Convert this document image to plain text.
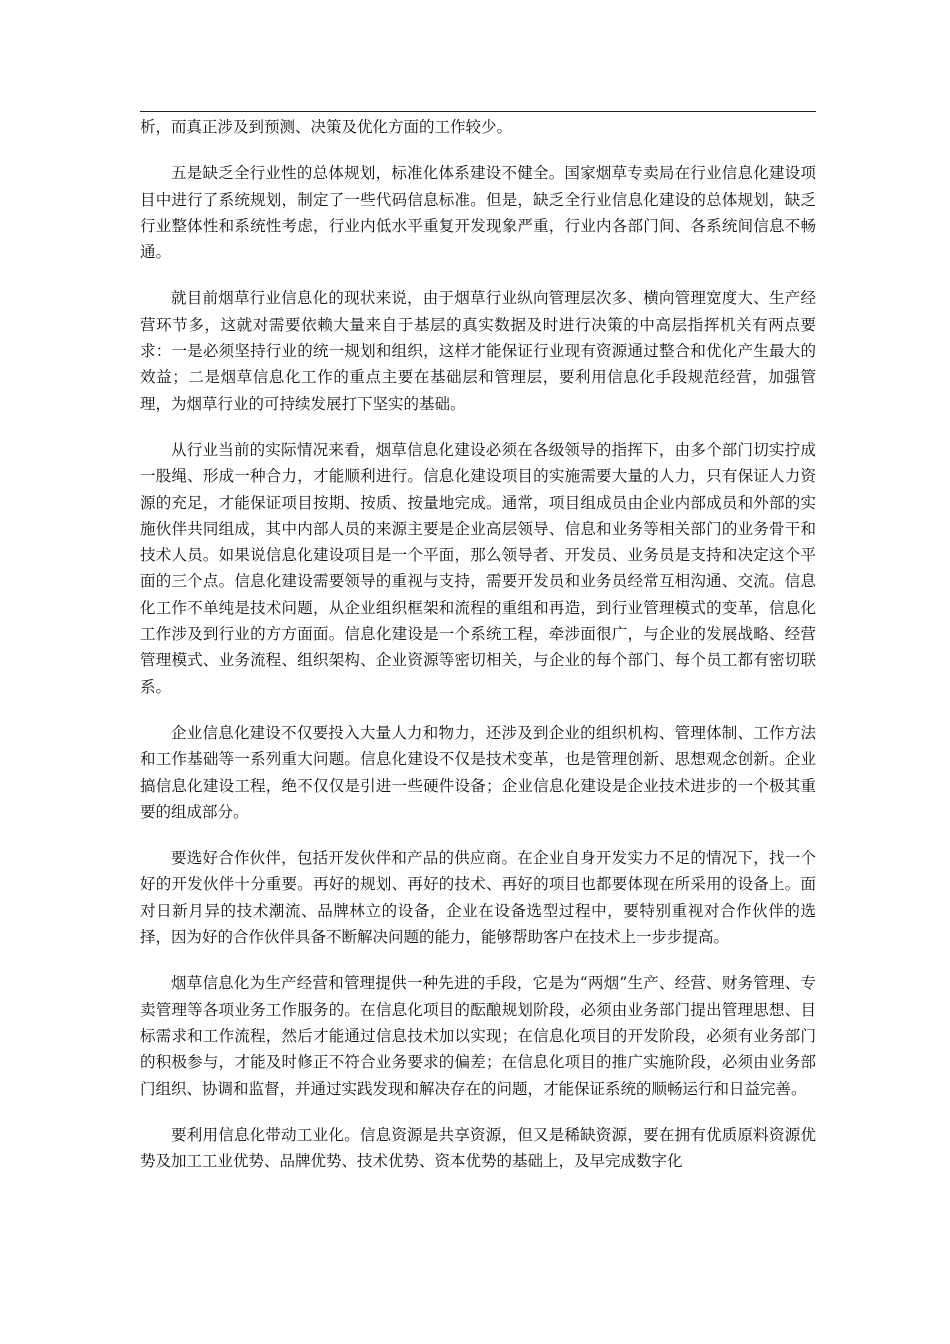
析，而真正涉及到预测、决策及优化方面的工作较少。

五是缺乏全行业性的总体规划，标准化体系建设不健全。国家烟草专卖局在行业信息化建设项目中进行了系统规划，制定了一些代码信息标准。但是，缺乏全行业信息化建设的总体规划，缺乏行业整体性和系统性考虑，行业内低水平重复开发现象严重，行业内各部门间、各系统间信息不畅通。

就目前烟草行业信息化的现状来说，由于烟草行业纵向管理层次多、横向管理宽度大、生产经营环节多，这就对需要依赖大量来自于基层的真实数据及时进行决策的中高层指挥机关有两点要求：一是必须坚持行业的统一规划和组织，这样才能保证行业现有资源通过整合和优化产生最大的效益；二是烟草信息化工作的重点主要在基础层和管理层，要利用信息化手段规范经营，加强管理，为烟草行业的可持续发展打下坚实的基础。

从行业当前的实际情况来看，烟草信息化建设必须在各级领导的指挥下，由多个部门切实拧成一股绳、形成一种合力，才能顺利进行。信息化建设项目的实施需要大量的人力，只有保证人力资源的充足，才能保证项目按期、按质、按量地完成。通常，项目组成员由企业内部成员和外部的实施伙伴共同组成，其中内部人员的来源主要是企业高层领导、信息和业务等相关部门的业务骨干和技术人员。如果说信息化建设项目是一个平面，那么领导者、开发员、业务员是支持和决定这个平面的三个点。信息化建设需要领导的重视与支持，需要开发员和业务员经常互相沟通、交流。信息化工作不单纯是技术问题，从企业组织框架和流程的重组和再造，到行业管理模式的变革，信息化工作涉及到行业的方方面面。信息化建设是一个系统工程，牵涉面很广，与企业的发展战略、经营管理模式、业务流程、组织架构、企业资源等密切相关，与企业的每个部门、每个员工都有密切联系。

企业信息化建设不仅要投入大量人力和物力，还涉及到企业的组织机构、管理体制、工作方法和工作基础等一系列重大问题。信息化建设不仅是技术变革，也是管理创新、思想观念创新。企业搞信息化建设工程，绝不仅仅是引进一些硬件设备；企业信息化建设是企业技术进步的一个极其重要的组成部分。

要选好合作伙伴，包括开发伙伴和产品的供应商。在企业自身开发实力不足的情况下，找一个好的开发伙伴十分重要。再好的规划、再好的技术、再好的项目也都要体现在所采用的设备上。面对日新月异的技术潮流、品牌林立的设备，企业在设备选型过程中，要特别重视对合作伙伴的选择，因为好的合作伙伴具备不断解决问题的能力，能够帮助客户在技术上一步步提高。

烟草信息化为生产经营和管理提供一种先进的手段，它是为“两烟”生产、经营、财务管理、专卖管理等各项业务工作服务的。在信息化项目的酝酿规划阶段，必须由业务部门提出管理思想、目标需求和工作流程，然后才能通过信息技术加以实现；在信息化项目的开发阶段，必须有业务部门的积极参与，才能及时修正不符合业务要求的偏差；在信息化项目的推广实施阶段，必须由业务部门组织、协调和监督，并通过实践发现和解决存在的问题，才能保证系统的顺畅运行和日益完善。

要利用信息化带动工业化。信息资源是共享资源，但又是稀缺资源，要在拥有优质原料资源优势及加工工业优势、品牌优势、技术优势、资本优势的基础上，及早完成数字化
